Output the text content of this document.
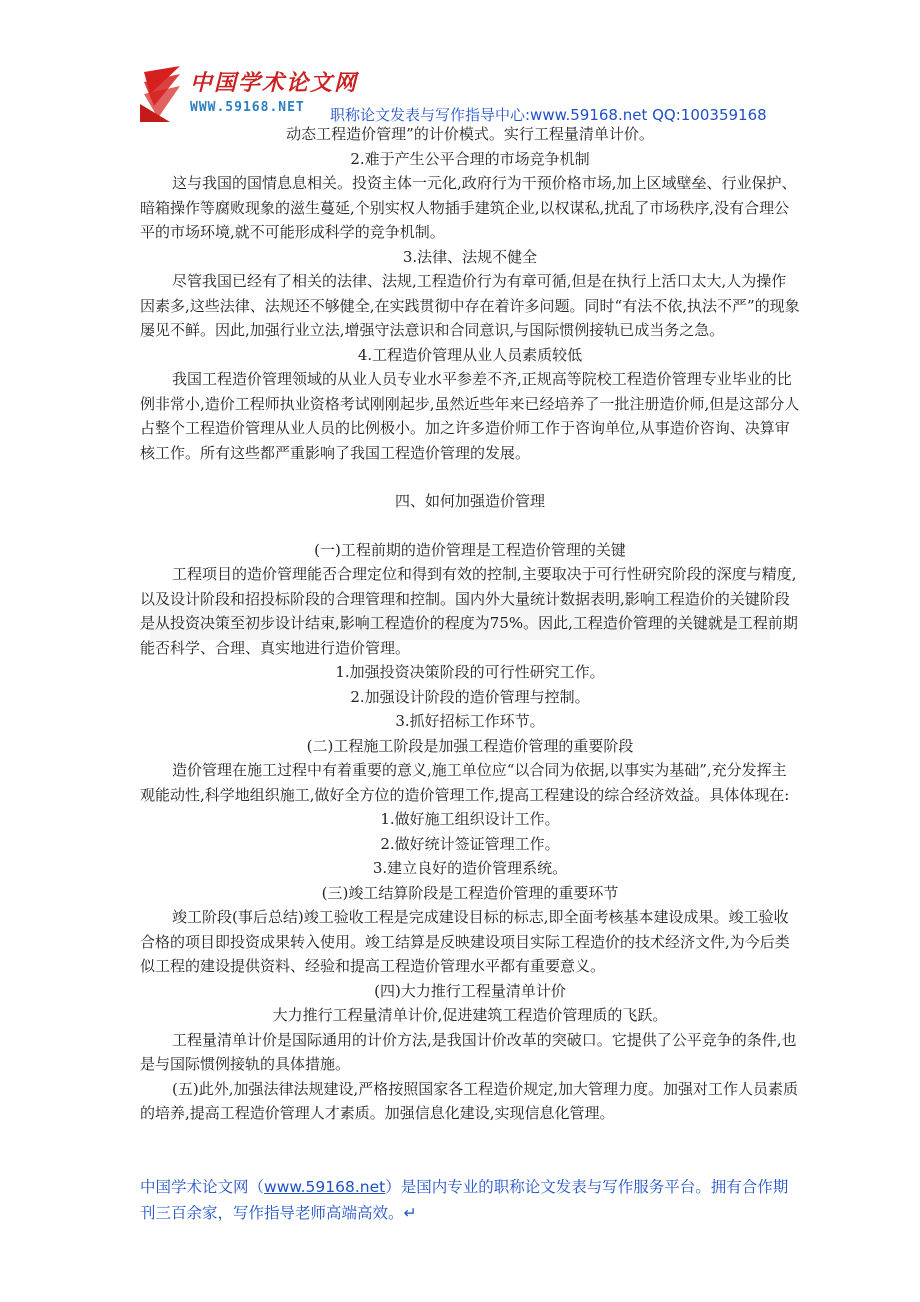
中国学术论文网
WWW.59168.NET 职称论文发表与写作指导中心:www.59168.net QQ:100359168
动态工程造价管理”的计价模式。实行工程量清单计价。
2.难于产生公平合理的市场竞争机制
这与我国的国情息息相关。投资主体一元化,政府行为干预价格市场,加上区域壁垒、行业保护、暗箱操作等腐败现象的滋生蔓延,个别实权人物插手建筑企业,以权谋私,扰乱了市场秩序,没有合理公平的市场环境,就不可能形成科学的竞争机制。
3.法律、法规不健全
尽管我国已经有了相关的法律、法规,工程造价行为有章可循,但是在执行上活口太大,人为操作因素多,这些法律、法规还不够健全,在实践贯彻中存在着许多问题。同时“有法不依,执法不严”的现象屡见不鲜。因此,加强行业立法,增强守法意识和合同意识,与国际惯例接轨已成当务之急。
4.工程造价管理从业人员素质较低
我国工程造价管理领域的从业人员专业水平参差不齐,正规高等院校工程造价管理专业毕业的比例非常小,造价工程师执业资格考试刚刚起步,虽然近些年来已经培养了一批注册造价师,但是这部分人占整个工程造价管理从业人员的比例极小。加之许多造价师工作于咨询单位,从事造价咨询、决算审核工作。所有这些都严重影响了我国工程造价管理的发展。
四、如何加强造价管理
(一)工程前期的造价管理是工程造价管理的关键
工程项目的造价管理能否合理定位和得到有效的控制,主要取决于可行性研究阶段的深度与精度,以及设计阶段和招投标阶段的合理管理和控制。国内外大量统计数据表明,影响工程造价的关键阶段是从投资决策至初步设计结束,影响工程造价的程度为75%。因此,工程造价管理的关键就是工程前期能否科学、合理、真实地进行造价管理。
1.加强投资决策阶段的可行性研究工作。
2.加强设计阶段的造价管理与控制。
3.抓好招标工作环节。
(二)工程施工阶段是加强工程造价管理的重要阶段
造价管理在施工过程中有着重要的意义,施工单位应“以合同为依据,以事实为基础”,充分发挥主观能动性,科学地组织施工,做好全方位的造价管理工作,提高工程建设的综合经济效益。具体体现在:
1.做好施工组织设计工作。
2.做好统计签证管理工作。
3.建立良好的造价管理系统。
(三)竣工结算阶段是工程造价管理的重要环节
竣工阶段(事后总结)竣工验收工程是完成建设目标的标志,即全面考核基本建设成果。竣工验收合格的项目即投资成果转入使用。竣工结算是反映建设项目实际工程造价的技术经济文件,为今后类似工程的建设提供资料、经验和提高工程造价管理水平都有重要意义。
(四)大力推行工程量清单计价
大力推行工程量清单计价,促进建筑工程造价管理质的飞跃。
工程量清单计价是国际通用的计价方法,是我国计价改革的突破口。它提供了公平竞争的条件,也是与国际惯例接轨的具体措施。
(五)此外,加强法律法规建设,严格按照国家各工程造价规定,加大管理力度。加强对工作人员素质的培养,提高工程造价管理人才素质。加强信息化建设,实现信息化管理。
中国学术论文网（www.59168.net）是国内专业的职称论文发表与写作服务平台。拥有合作期刊三百余家，写作指导老师高端高效。↵
